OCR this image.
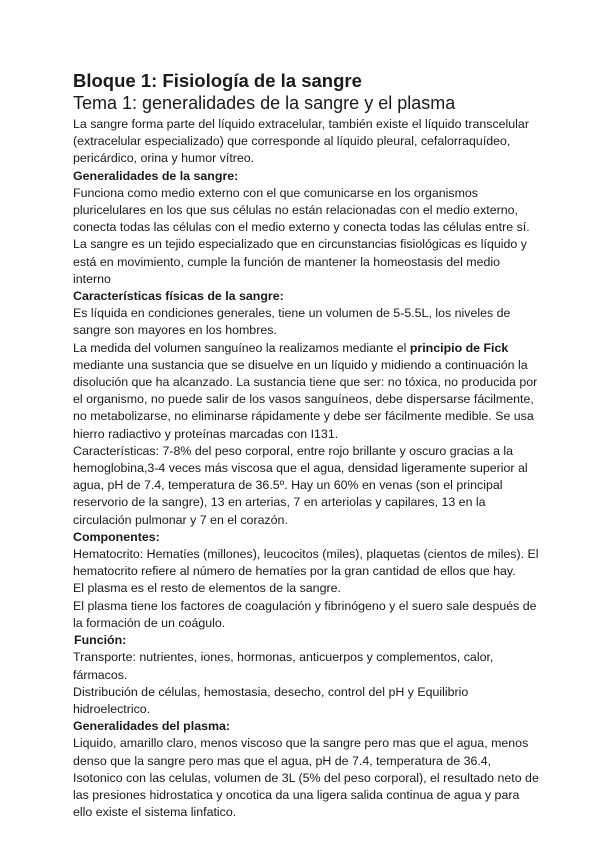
Bloque 1: Fisiología de la sangre
Tema 1: generalidades de la sangre y el plasma

La sangre forma parte del líquido extracelular, también existe el líquido transcelular (extracelular especializado) que corresponde al líquido pleural, cefalorraquídeo, pericárdico, orina y humor vítreo.

Generalidades de la sangre:

Funciona como medio externo con el que comunicarse en los organismos pluricelulares en los que sus células no están relacionadas con el medio externo, conecta todas las células con el medio externo y conecta todas las células entre sí.

La sangre es un tejido especializado que en circunstancias fisiológicas es líquido y está en movimiento, cumple la función de mantener la homeostasis del medio interno

Características físicas de la sangre:

Es líquida en condiciones generales, tiene un volumen de 5-5.5L, los niveles de sangre son mayores en los hombres.

La medida del volumen sanguíneo la realizamos mediante el principio de Fick mediante una sustancia que se disuelve en un líquido y midiendo a continuación la disolución que ha alcanzado. La sustancia tiene que ser: no tóxica, no producida por el organismo, no puede salir de los vasos sanguíneos, debe dispersarse fácilmente, no metabolizarse, no eliminarse rápidamente y debe ser fácilmente medible. Se usa hierro radiactivo y proteínas marcadas con I131.

Características: 7-8% del peso corporal, entre rojo brillante y oscuro gracias a la hemoglobina,3-4 veces más viscosa que el agua, densidad ligeramente superior al agua, pH de 7.4, temperatura de 36.5º. Hay un 60% en venas (son el principal reservorio de la sangre), 13 en arterias, 7 en arteriolas y capilares, 13 en la circulación pulmonar y 7 en el corazón.

Componentes:

Hematocrito: Hematíes (millones), leucocitos (miles), plaquetas (cientos de miles). El hematocrito refiere al número de hematíes por la gran cantidad de ellos que hay.

El plasma es el resto de elementos de la sangre.

El plasma tiene los factores de coagulación y fibrinógeno y el suero sale después de la formación de un coágulo.

Función:

Transporte: nutrientes, iones, hormonas, anticuerpos y complementos, calor, fármacos.

Distribución de células, hemostasia, desecho, control del pH y Equilibrio hidroelectrico.

Generalidades del plasma:

Liquido, amarillo claro, menos viscoso que la sangre pero mas que el agua, menos denso que la sangre pero mas que el agua, pH de 7.4, temperatura de 36.4, Isotonico con las celulas, volumen de 3L (5% del peso corporal), el resultado neto de las presiones hidrostatica y oncotica da una ligera salida continua de agua y para ello existe el sistema linfatico.
